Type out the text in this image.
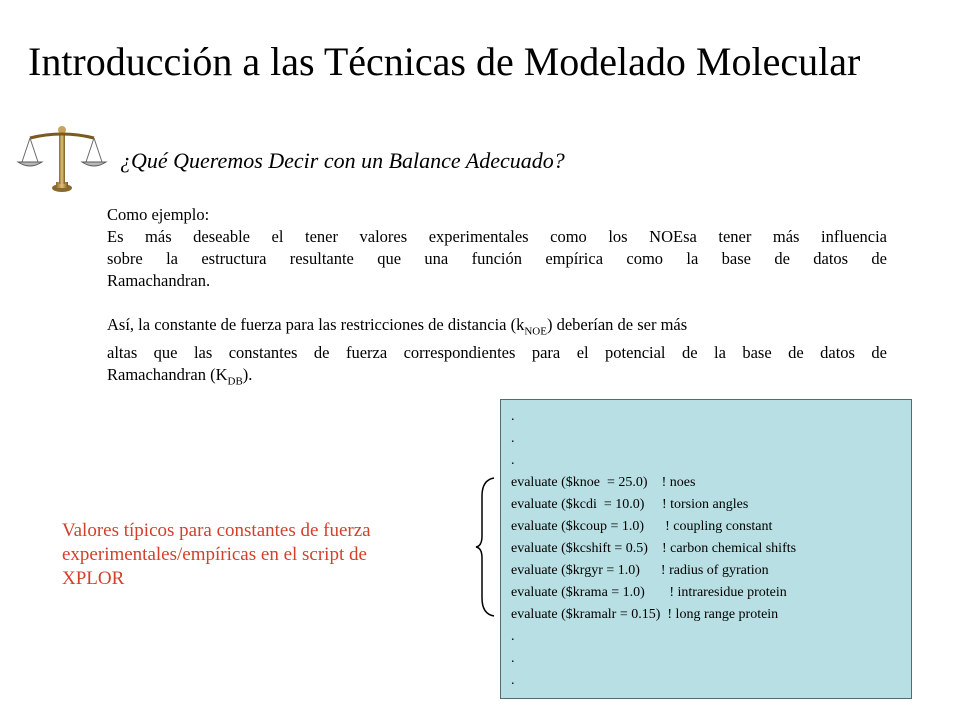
Introducción a las Técnicas de Modelado Molecular
¿Qué Queremos Decir con un Balance Adecuado?

Como ejemplo:
Es más deseable el tener valores experimentales como los NOEsa tener más influencia
sobre la estructura resultante que una función empírica como la base de datos de
Ramachandran.

Así, la constante de fuerza para las restricciones de distancia $(k_{NOE})$ deberían de ser más
altas que las constantes de fuerza correspondientes para el potencial de la base de datos de
Ramachandran $(K_{DB})$.

Valores típicos para constantes de fuerza
experimentales/empíricas en el script de
XPLOR
.
.
.
evaluate ($knoe  = 25.0)    ! noes
evaluate ($kcdi  = 10.0)     ! torsion angles
evaluate ($kcoup = 1.0)      ! coupling constant
evaluate ($kcshift = 0.5)    ! carbon chemical shifts
evaluate ($krgyr = 1.0)      ! radius of gyration
evaluate ($krama = 1.0)       ! intraresidue protein
evaluate ($kramalr = 0.15)  ! long range protein
.
.
.
